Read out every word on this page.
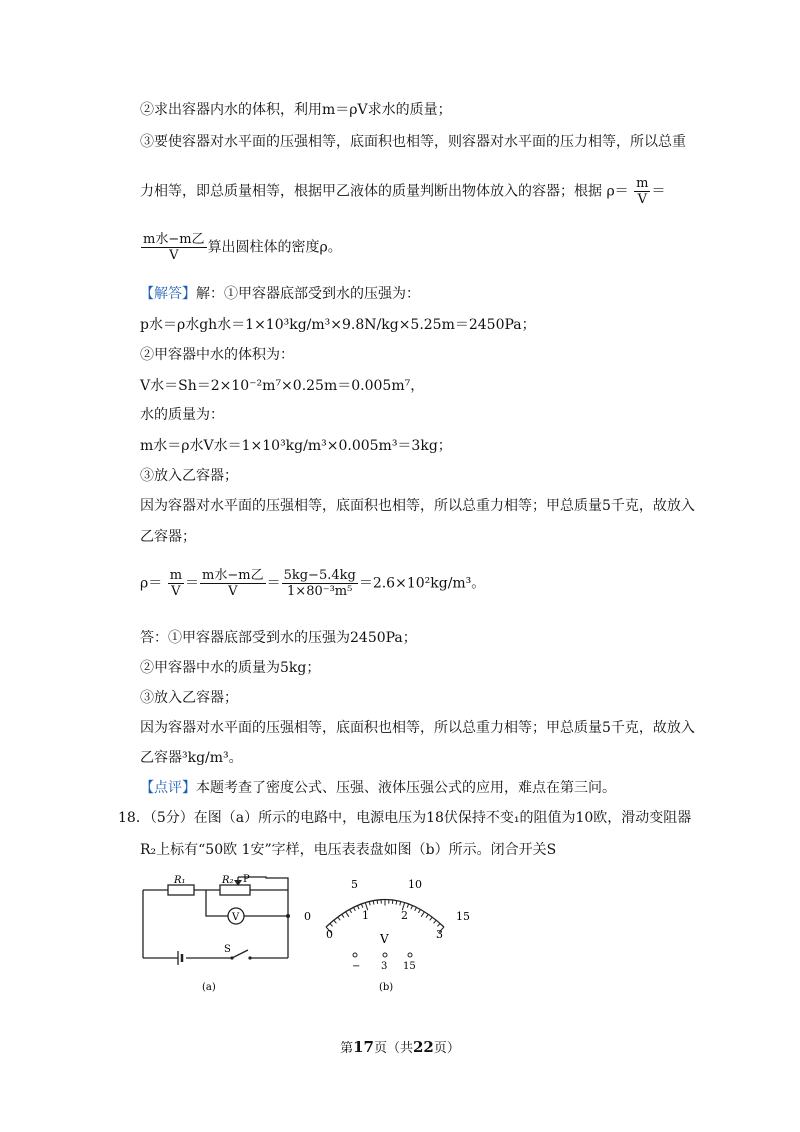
②求出容器内水的体积，利用m＝ρV求水的质量；
③要使容器对水平面的压强相等，底面积也相等，则容器对水平面的压力相等，所以总重
力相等，即总质量相等，根据甲乙液体的质量判断出物体放入的容器；根据 $\rho= \frac{m}{V}$ ＝
$\frac{\text{m水−m乙}}{V}$ 算出圆柱体的密度ρ。
【解答】解：①甲容器底部受到水的压强为：
p水＝ρ水gh水＝1×10³kg/m³×9.8N/kg×5.25m＝2450Pa；
②甲容器中水的体积为：
V水＝Sh＝2×10⁻²m⁷×0.25m＝0.005m⁷，
水的质量为：
m水＝ρ水V水＝1×10³kg/m³×0.005m³＝3kg；
③放入乙容器；
因为容器对水平面的压强相等，底面积也相等，所以总重力相等；甲总质量5千克，故放入
乙容器；
$\rho= \frac{m}{V} = \frac{\text{m水−m乙}}{V} = \frac{5kg-5.4kg}{\text{1×80⁻³m⁵}} =2.6\times 10^2kg/m^3$。
答：①甲容器底部受到水的压强为2450Pa；
②甲容器中水的质量为5kg；
③放入乙容器；
因为容器对水平面的压强相等，底面积也相等，所以总重力相等；甲总质量5千克，故放入
乙容器³kg/m³。
【点评】本题考查了密度公式、压强、液体压强公式的应用，难点在第三问。
18．（5分）在图（a）所示的电路中，电源电压为18伏保持不变₁的阻值为10欧，滑动变阻器
R₂上标有“50欧 1安”字样，电压表表盘如图（b）所示。闭合开关S
R₁	R₂ P
V
S
(a)
0
5	10
15
0
1	2
3
V
− 3 15
(b)
第17页（共22页）
